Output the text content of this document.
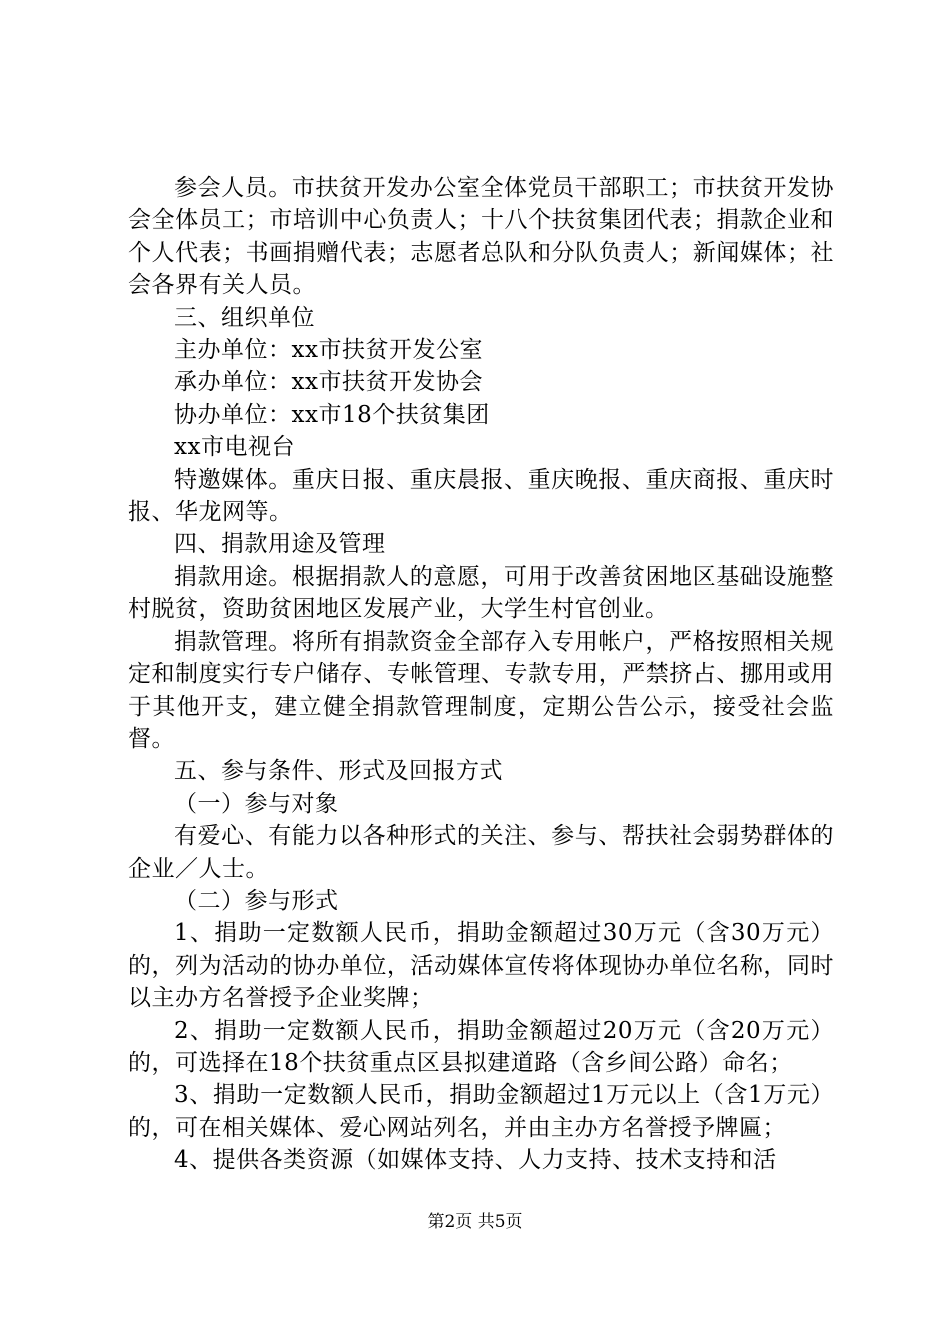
参会人员。市扶贫开发办公室全体党员干部职工；市扶贫开发协会全体员工；市培训中心负责人；十八个扶贫集团代表；捐款企业和个人代表；书画捐赠代表；志愿者总队和分队负责人；新闻媒体；社会各界有关人员。

三、组织单位

主办单位：xx市扶贫开发公室

承办单位：xx市扶贫开发协会

协办单位：xx市18个扶贫集团

xx市电视台

特邀媒体。重庆日报、重庆晨报、重庆晚报、重庆商报、重庆时报、华龙网等。

四、捐款用途及管理

捐款用途。根据捐款人的意愿，可用于改善贫困地区基础设施整村脱贫，资助贫困地区发展产业，大学生村官创业。

捐款管理。将所有捐款资金全部存入专用帐户，严格按照相关规定和制度实行专户储存、专帐管理、专款专用，严禁挤占、挪用或用于其他开支，建立健全捐款管理制度，定期公告公示，接受社会监督。

五、参与条件、形式及回报方式

（一）参与对象

有爱心、有能力以各种形式的关注、参与、帮扶社会弱势群体的企业／人士。

（二）参与形式

1、捐助一定数额人民币，捐助金额超过30万元（含30万元）的，列为活动的协办单位，活动媒体宣传将体现协办单位名称，同时以主办方名誉授予企业奖牌；

2、捐助一定数额人民币，捐助金额超过20万元（含20万元）的，可选择在18个扶贫重点区县拟建道路（含乡间公路）命名；

3、捐助一定数额人民币，捐助金额超过1万元以上（含1万元）的，可在相关媒体、爱心网站列名，并由主办方名誉授予牌匾；

4、提供各类资源（如媒体支持、人力支持、技术支持和活

第2页 共5页
